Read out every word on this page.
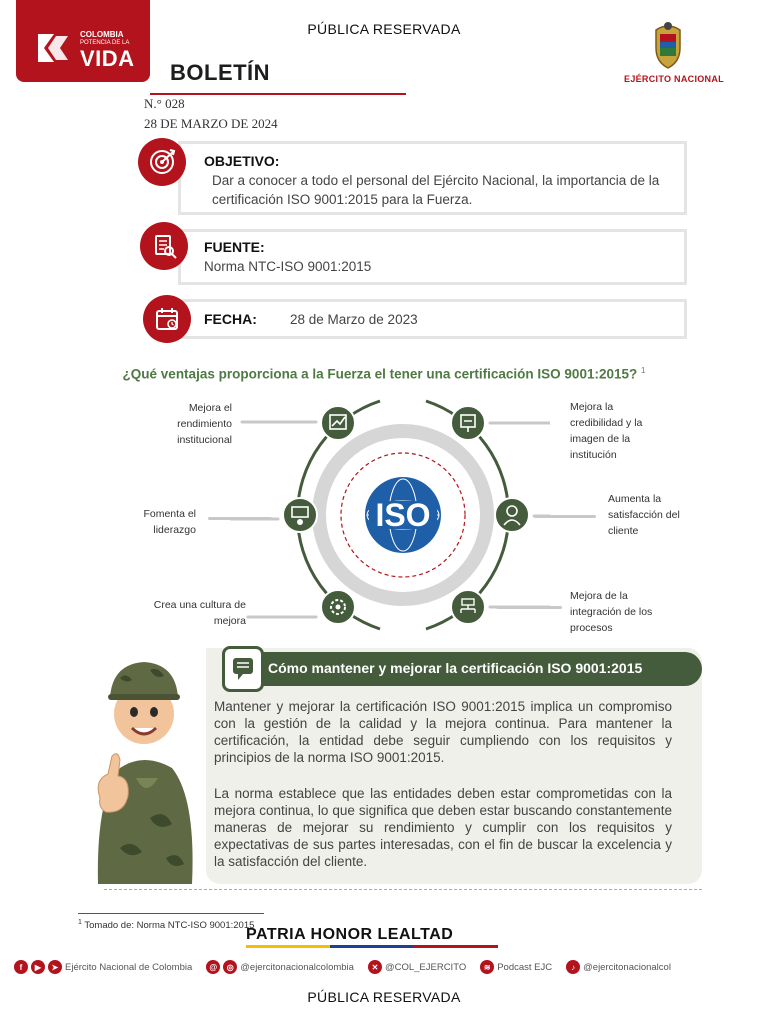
PÚBLICA RESERVADA
COLOMBIA
POTENCIA DE LA
VIDA
BOLETÍN	EJÉRCITO NACIONAL
N.° 028
28 DE MARZO DE 2024
OBJETIVO:
Dar a conocer a todo el personal del Ejército Nacional, la importancia de la certificación ISO 9001:2015 para la Fuerza.
FUENTE:
Norma NTC-ISO 9001:2015
FECHA: 28 de Marzo de 2023
¿Qué ventajas proporciona a la Fuerza el tener una certificación ISO 9001:2015? $^1$
ISO
Mejora el rendimiento institucional
Fomenta el liderazgo
Crea una cultura de mejora
Mejora la credibilidad y la imagen de la institución
Aumenta la satisfacción del cliente
Mejora de la integración de los procesos
Cómo mantener y mejorar la certificación ISO 9001:2015
Mantener y mejorar la certificación ISO 9001:2015 implica un compromiso con la gestión de la calidad y la mejora continua. Para mantener la certificación, la entidad debe seguir cumpliendo con los requisitos y principios de la norma ISO 9001:2015.
La norma establece que las entidades deben estar comprometidas con la mejora continua, lo que significa que deben estar buscando constantemente maneras de mejorar su rendimiento y cumplir con los requisitos y expectativas de sus partes interesadas, con el fin de buscar la excelencia y la satisfacción del cliente.
$^1$ Tomado de: Norma NTC-ISO 9001:2015
PATRIA HONOR LEALTAD
f	▶	➤ Ejército Nacional de Colombia	@	◎ @ejercitonacionalcolombia	✕ @COL_EJERCITO	≋ Podcast EJC	♪ @ejercitonacionalcol
PÚBLICA RESERVADA
